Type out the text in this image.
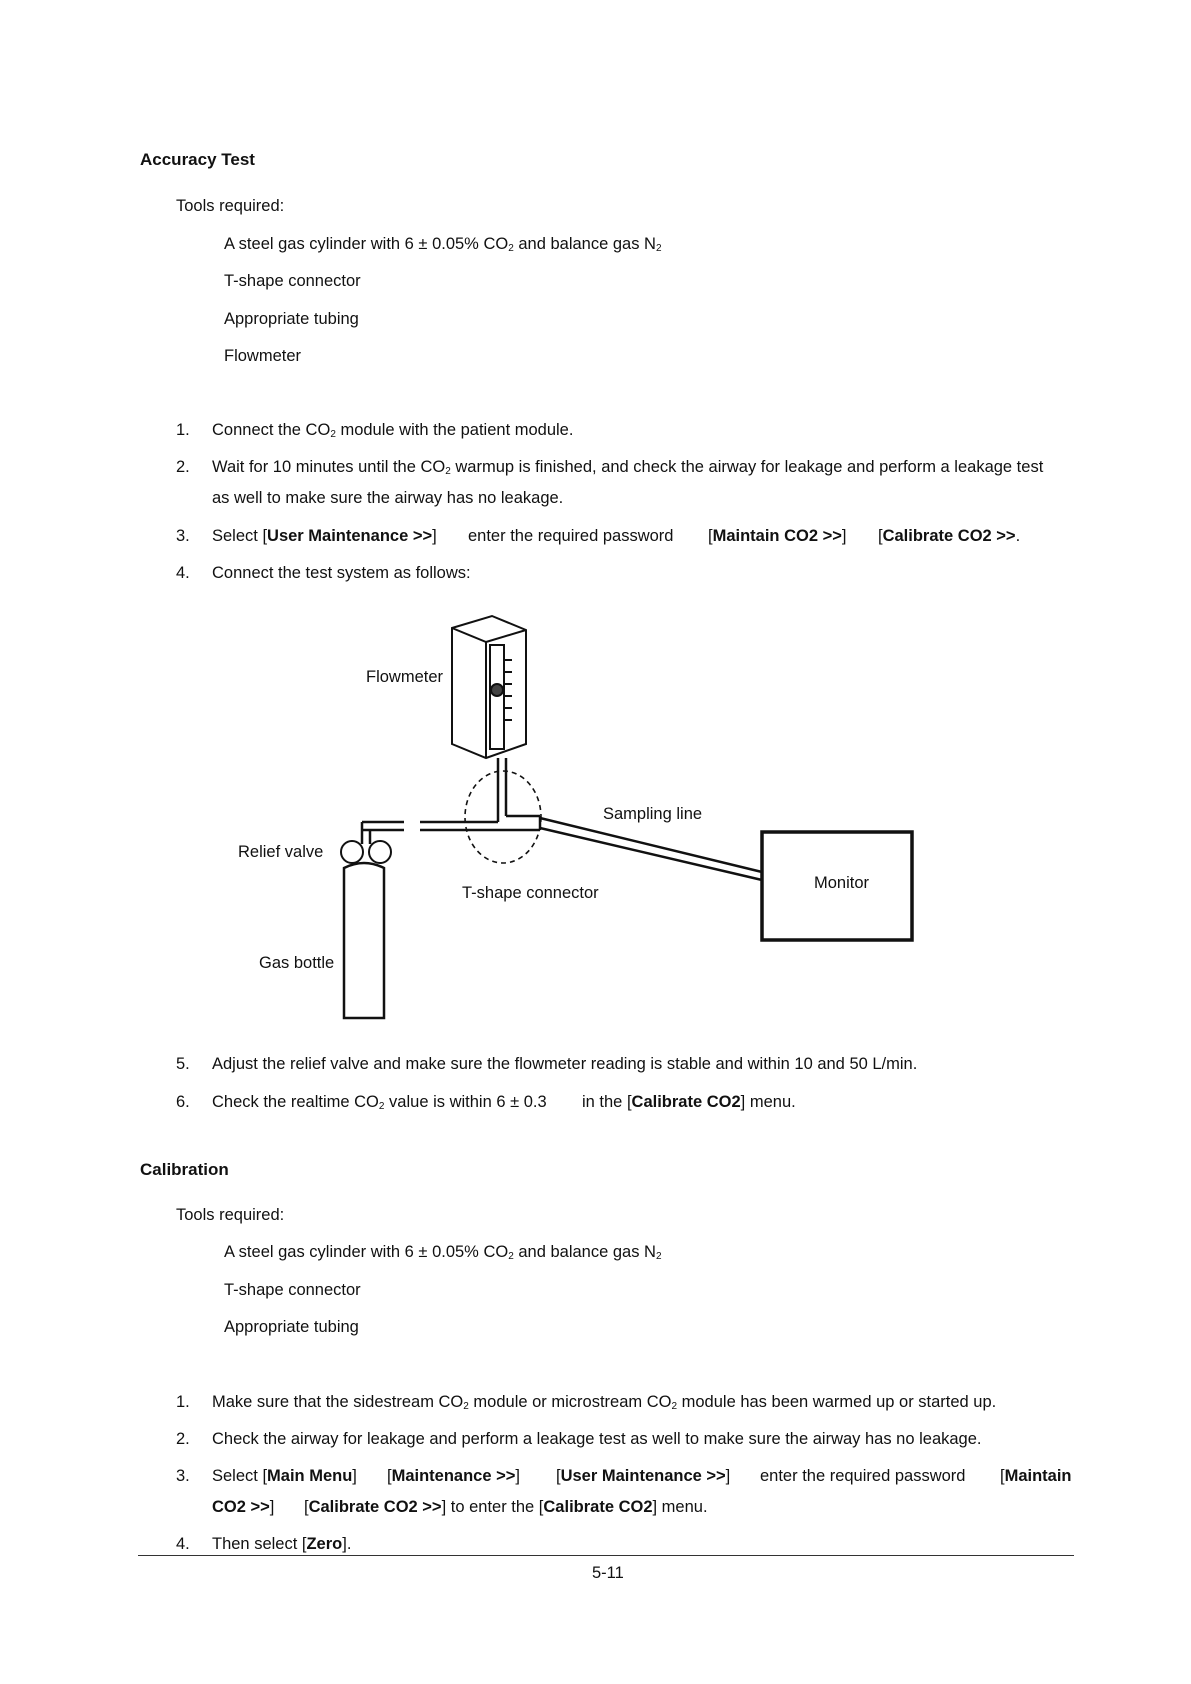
Accuracy Test
Tools required:
A steel gas cylinder with 6 ± 0.05% $CO_2$ and balance gas $N_2$
T-shape connector
Appropriate tubing
Flowmeter
1. Connect the $CO_2$ module with the patient module.
2. Wait for 10 minutes until the $CO_2$ warmup is finished, and check the airway for leakage and perform a leakage test
as well to make sure the airway has no leakage.
3. Select [User Maintenance >>] enter the required password [Maintain CO2 >>] [Calibrate CO2 >>.
4. Connect the test system as follows:
Flowmeter
Sampling line
Relief valve
T-shape connector
Monitor
Gas bottle
5. Adjust the relief valve and make sure the flowmeter reading is stable and within 10 and 50 L/min.
6. Check the realtime $CO_2$ value is within 6 ± 0.3 in the [Calibrate CO2] menu.
Calibration
Tools required:
A steel gas cylinder with 6 ± 0.05% $CO_2$ and balance gas $N_2$
T-shape connector
Appropriate tubing
1. Make sure that the sidestream $CO_2$ module or microstream $CO_2$ module has been warmed up or started up.
2. Check the airway for leakage and perform a leakage test as well to make sure the airway has no leakage.
3. Select [Main Menu] [Maintenance >>] [User Maintenance >>] enter the required password [Maintain
CO2 >>] [Calibrate CO2 >>] to enter the [Calibrate CO2] menu.
4. Then select [Zero].
5-11
